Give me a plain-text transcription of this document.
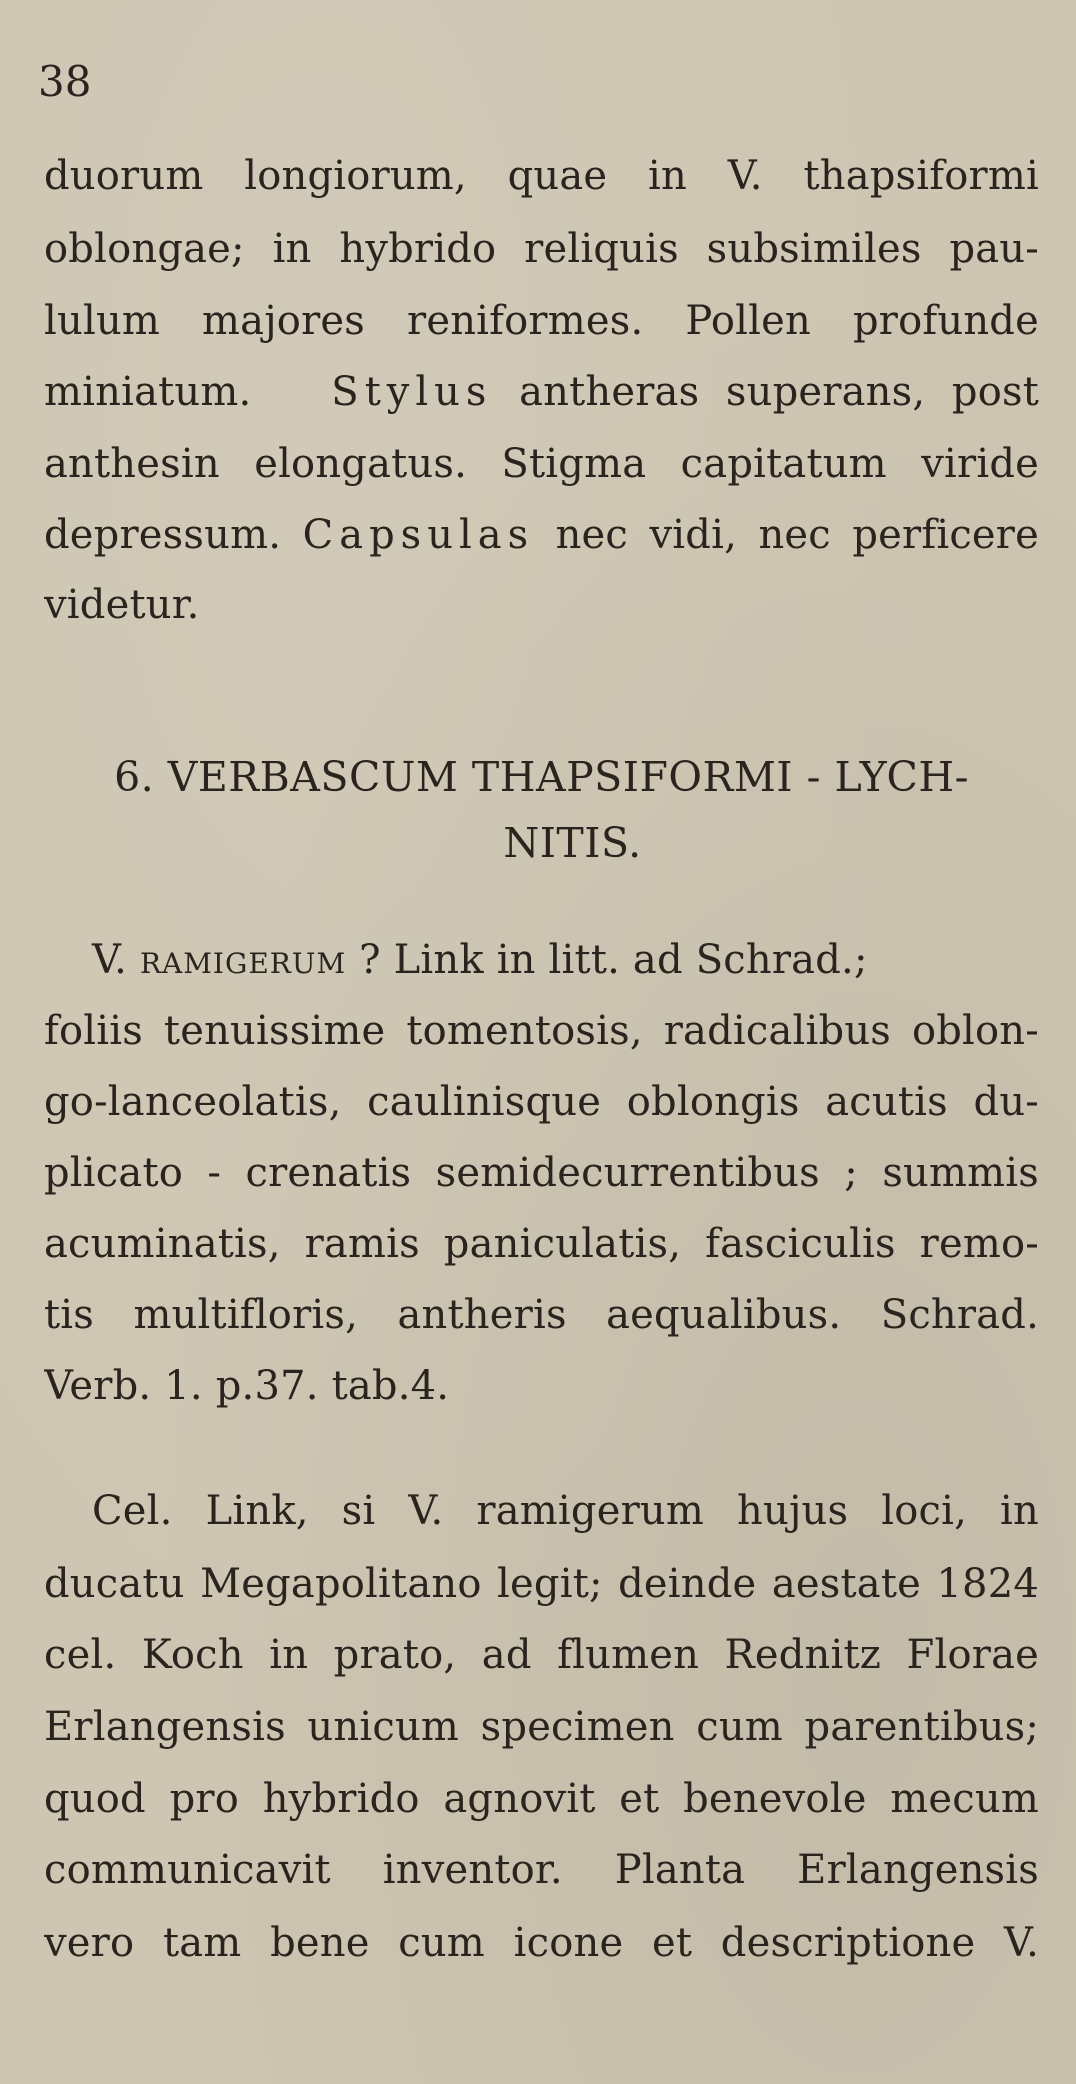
38
duorum longiorum, quae in V. thapsiformi
oblongae; in hybrido reliquis subsimiles pau-
lulum majores reniformes. Pollen profunde
miniatum. Stylus antheras superans, post
anthesin elongatus. Stigma capitatum viride
depressum. Capsulas nec vidi, nec perficere
videtur.
6. VERBASCUM THAPSIFORMI - LYCH-
NITIS.
V. ramigerum ? Link in litt. ad Schrad.;
foliis tenuissime tomentosis, radicalibus oblon-
go-lanceolatis, caulinisque oblongis acutis du-
plicato - crenatis semidecurrentibus ; summis
acuminatis, ramis paniculatis, fasciculis remo-
tis multifloris, antheris aequalibus. Schrad.
Verb. 1. p.37. tab.4.
Cel. Link, si V. ramigerum hujus loci, in
ducatu Megapolitano legit; deinde aestate 1824
cel. Koch in prato, ad flumen Rednitz Florae
Erlangensis unicum specimen cum parentibus;
quod pro hybrido agnovit et benevole mecum
communicavit inventor. Planta Erlangensis
vero tam bene cum icone et descriptione V.
